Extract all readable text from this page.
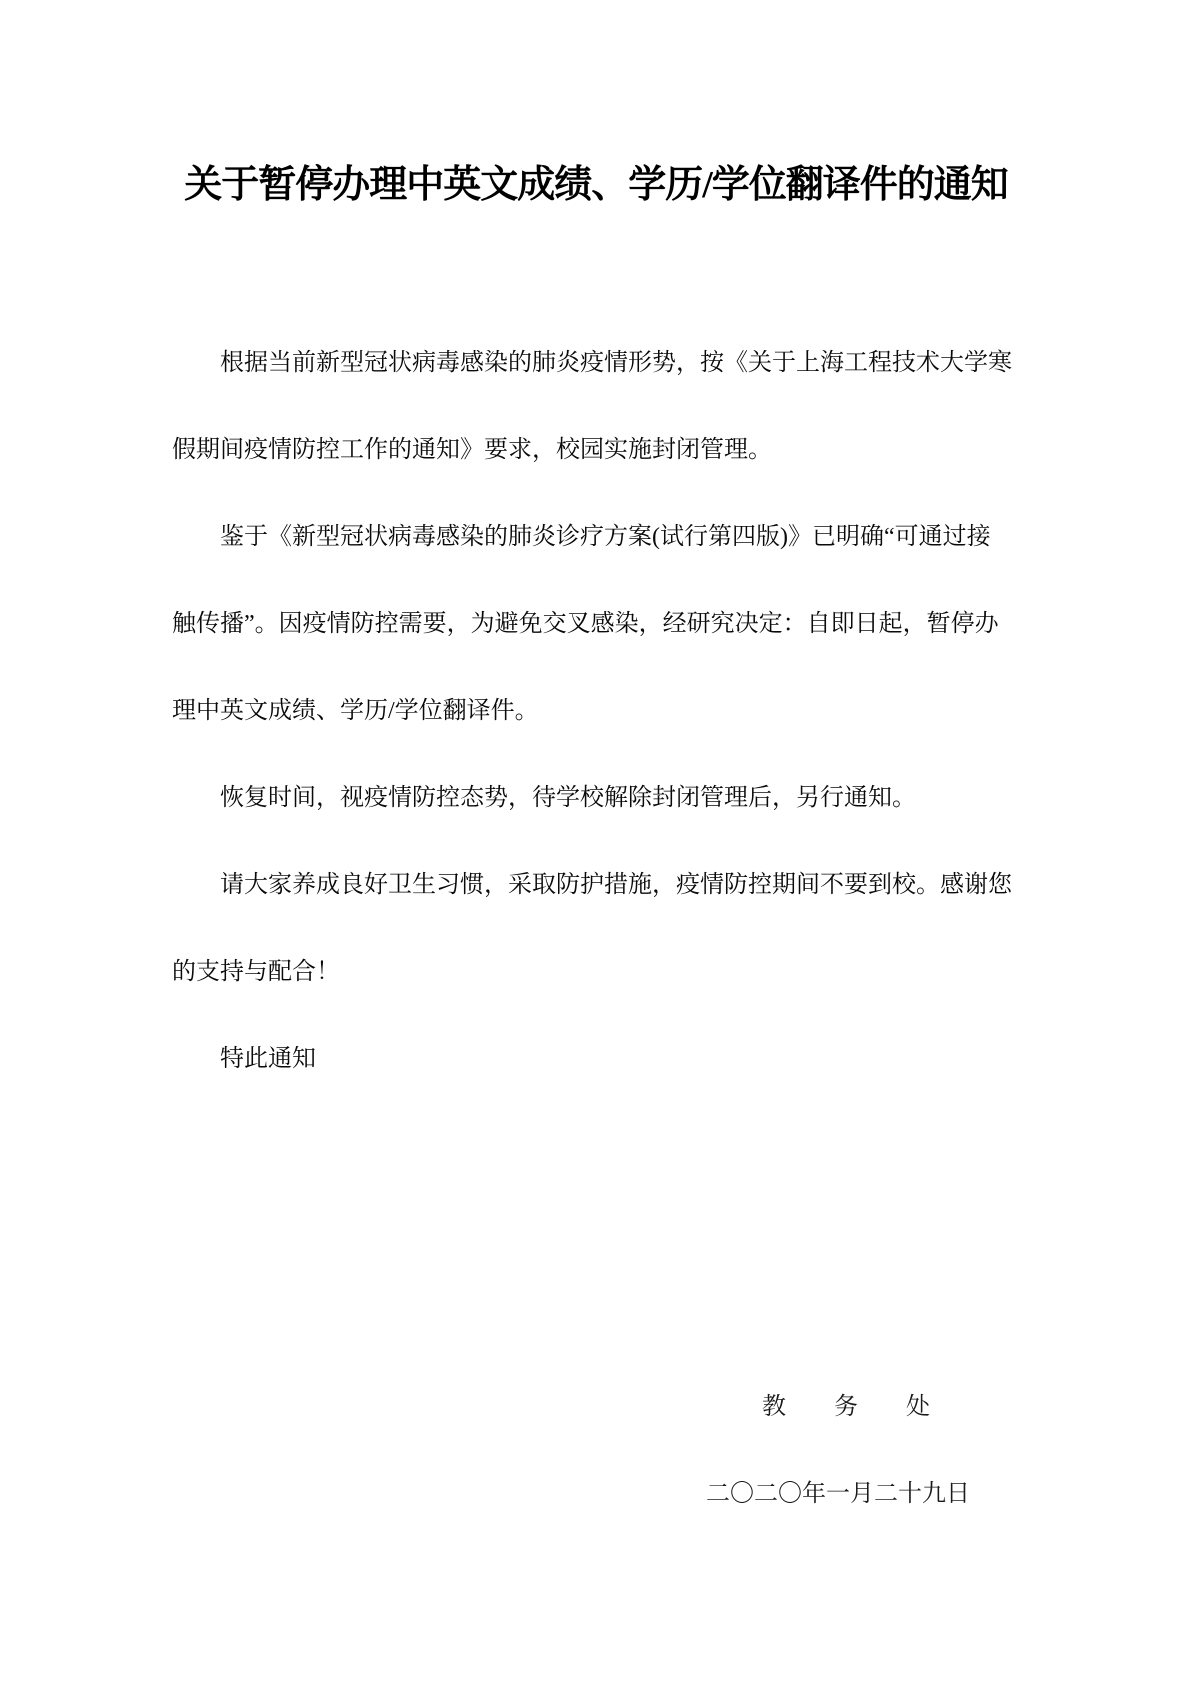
关于暂停办理中英文成绩、学历/学位翻译件的通知
根据当前新型冠状病毒感染的肺炎疫情形势，按《关于上海工程技术大学寒
假期间疫情防控工作的通知》要求，校园实施封闭管理。
鉴于《新型冠状病毒感染的肺炎诊疗方案(试行第四版)》已明确“可通过接
触传播”。因疫情防控需要，为避免交叉感染，经研究决定：自即日起，暂停办
理中英文成绩、学历/学位翻译件。
恢复时间，视疫情防控态势，待学校解除封闭管理后，另行通知。
请大家养成良好卫生习惯，采取防护措施，疫情防控期间不要到校。感谢您
的支持与配合！
特此通知
教　　务　　处
二〇二〇年一月二十九日
